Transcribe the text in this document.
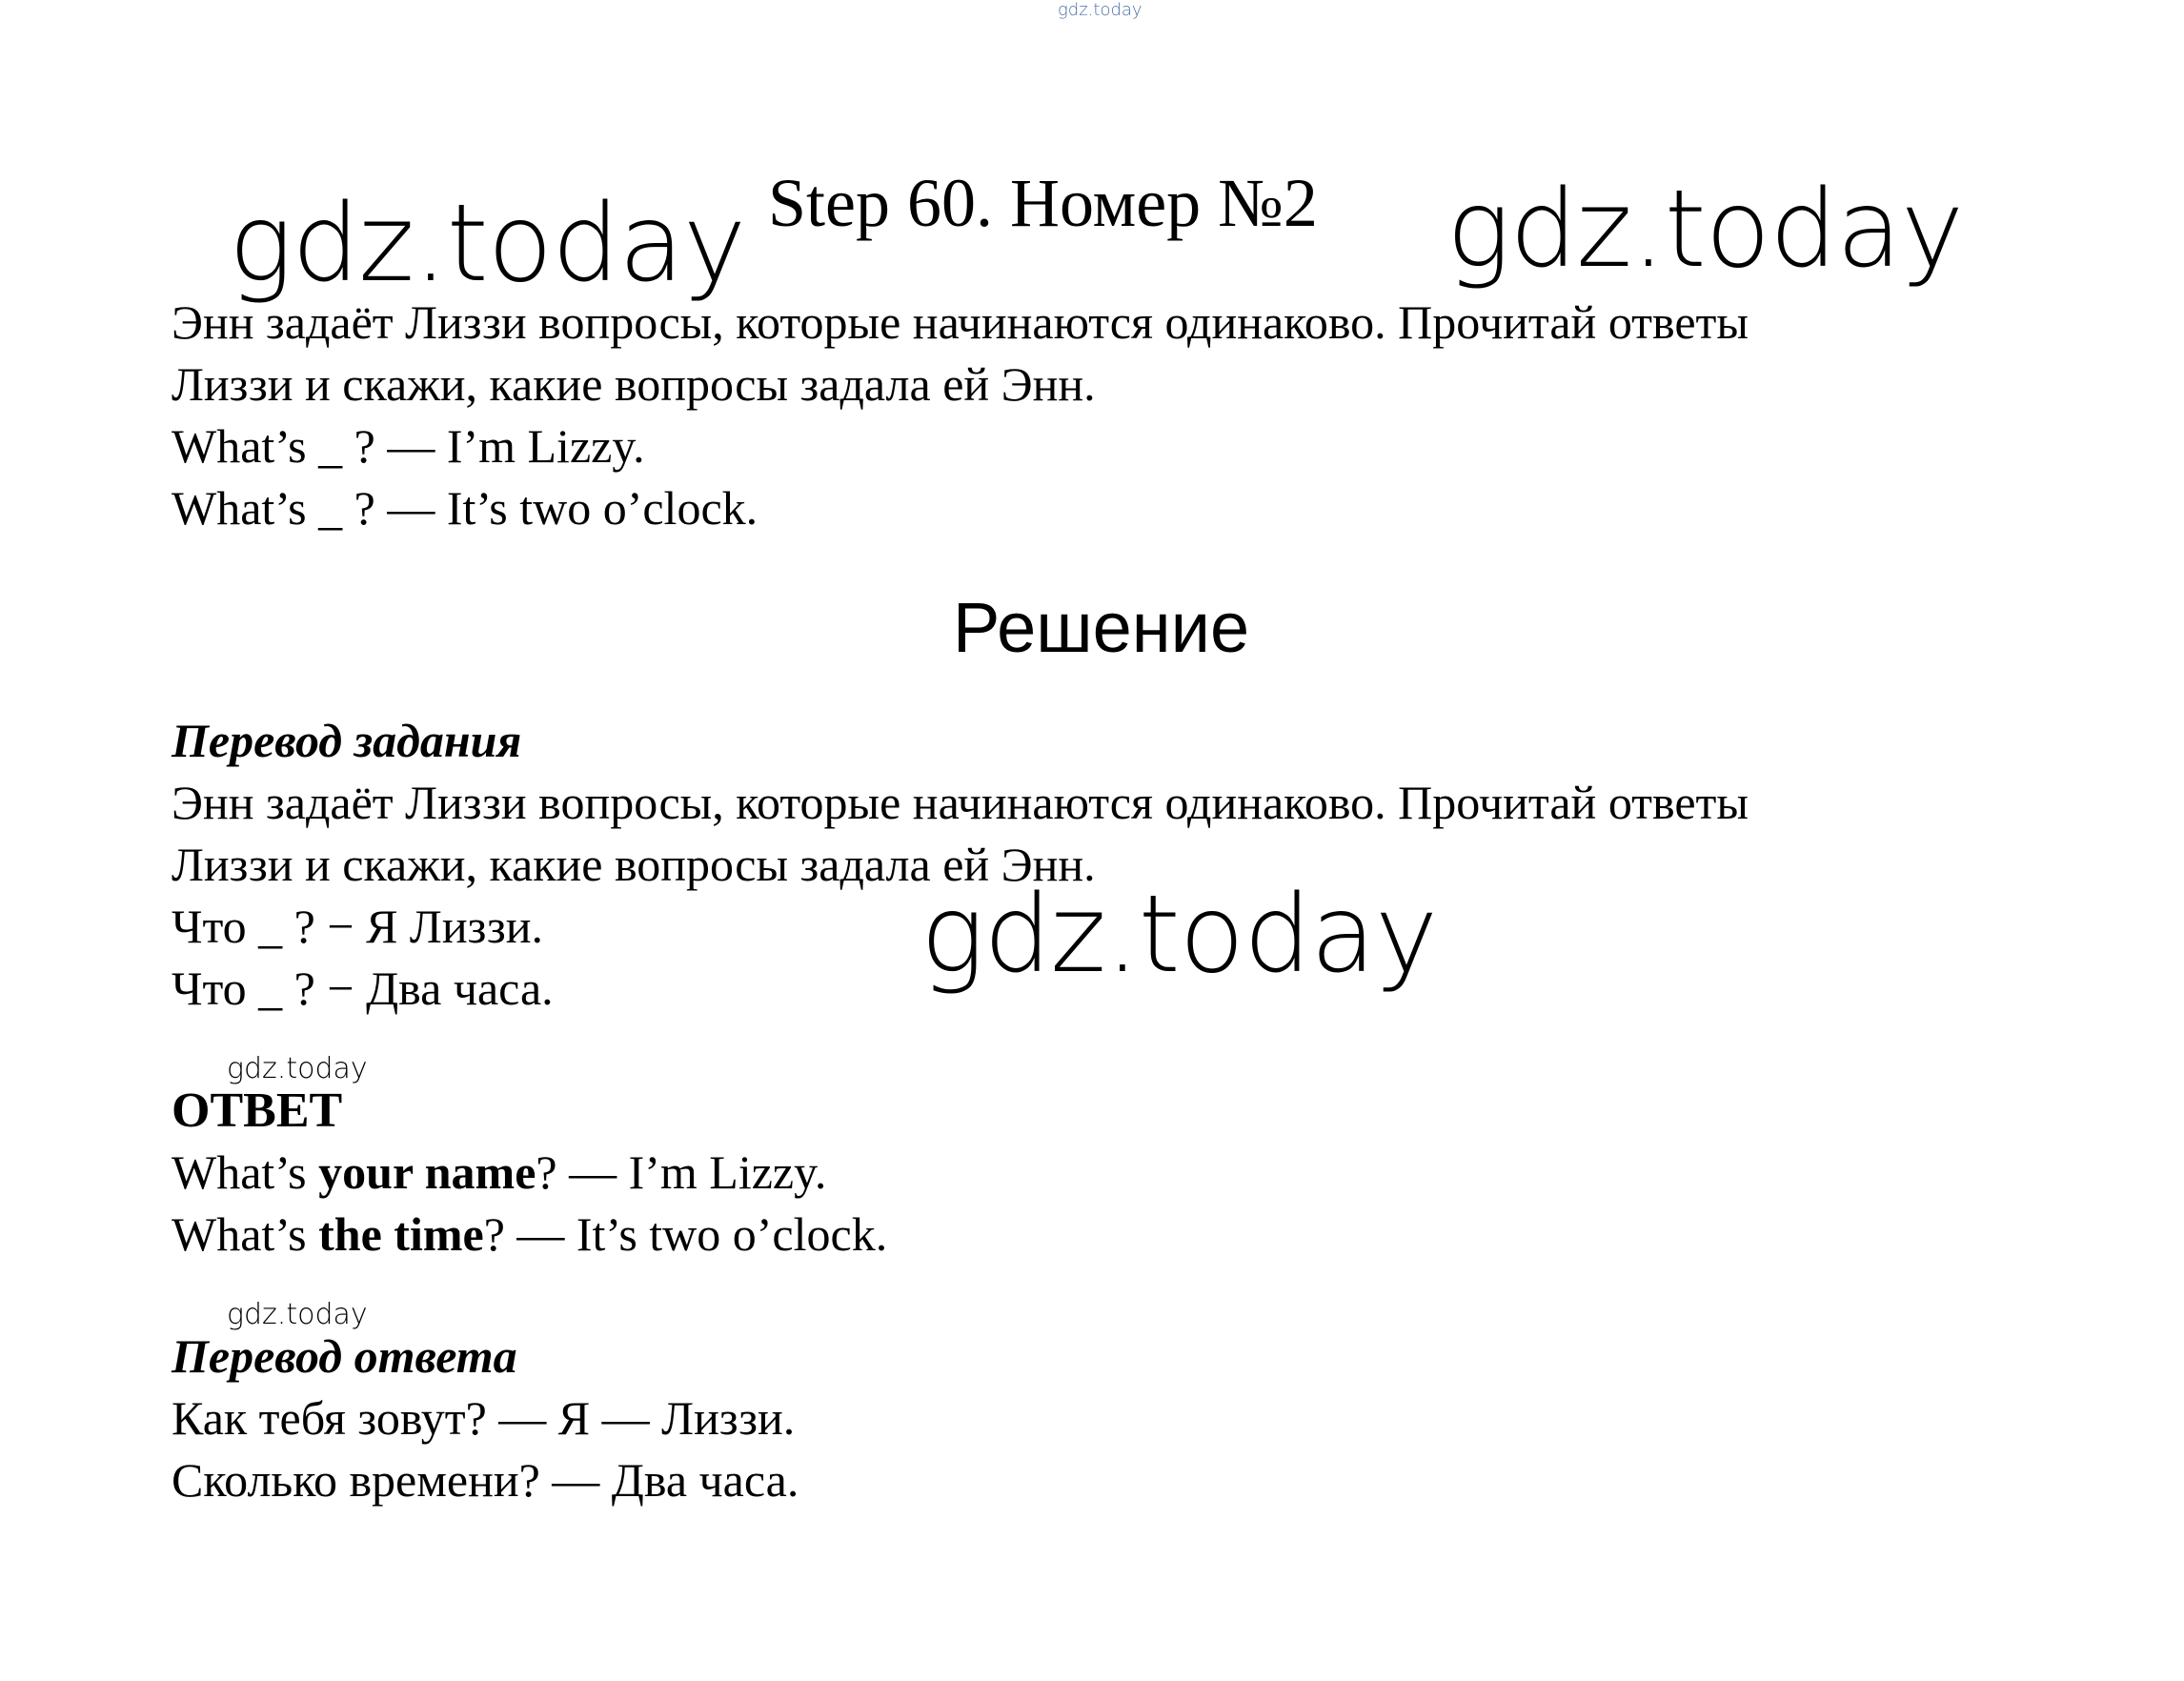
gdz.today
gdz.today	gdz.today
Step 60. Номер №2
Энн задаёт Лиззи вопросы, которые начинаются одинаково. Прочитай ответы
Лиззи и скажи, какие вопросы задала ей Энн.
What’s _ ? — I’m Lizzy.
What’s _ ? — It’s two o’clock.
Решение
Перевод задания
Энн задаёт Лиззи вопросы, которые начинаются одинаково. Прочитай ответы
Лиззи и скажи, какие вопросы задала ей Энн.
Что _ ? − Я Лиззи.
Что _ ? − Два часа.	gdz.today
gdz.today
ОТВЕТ
What’s your name? — I’m Lizzy.
What’s the time? — It’s two o’clock.
gdz.today
Перевод ответа
Как тебя зовут? — Я — Лиззи.
Сколько времени? — Два часа.
